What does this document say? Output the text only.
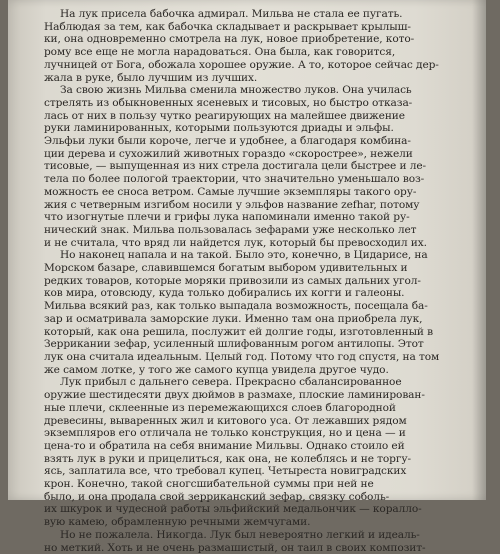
На лук присела бабочка адмирал. Мильва не стала ее пугать.
Наблюдая за тем, как бабочка складывает и раскрывает крылыш-
ки, она одновременно смотрела на лук, новое приобретение, кото-
рому все еще не могла нарадоваться. Она была, как говорится,
лучницей от Бога, обожала хорошее оружие. А то, которое сейчас дер-
жала в руке, было лучшим из лучших.
За свою жизнь Мильва сменила множество луков. Она училась
стрелять из обыкновенных ясеневых и тисовых, но быстро отказа-
лась от них в пользу чутко реагирующих на малейшее движение
руки ламинированных, которыми пользуются дриады и эльфы.
Эльфьи луки были короче, легче и удобнее, а благодаря комбина-
ции дерева и сухожилий животных гораздо «скорострее», нежели
тисовые, — выпущенная из них стрела достигала цели быстрее и ле-
тела по более пологой траектории, что значительно уменьшало воз-
можность ее сноса ветром. Самые лучшие экземпляры такого ору-
жия с четверным изгибом носили у эльфов название zefhar, потому
что изогнутые плечи и грифы лука напоминали именно такой ру-
нический знак. Мильва пользовалась зефарами уже несколько лет
и не считала, что вряд ли найдется лук, который бы превосходил их.
Но наконец напала и на такой. Было это, конечно, в Цидарисе, на
Морском базаре, славившемся богатым выбором удивительных и
редких товаров, которые моряки привозили из самых дальних угол-
ков мира, отовсюду, куда только добирались их когги и галеоны.
Мильва всякий раз, как только выпадала возможность, посещала ба-
зар и осматривала заморские луки. Именно там она приобрела лук,
который, как она решила, послужит ей долгие годы, изготовленный в
Зеррикании зефар, усиленный шлифованным рогом антилопы. Этот
лук она считала идеальным. Целый год. Потому что год спустя, на том
же самом лотке, у того же самого купца увидела другое чудо.
Лук прибыл с дальнего севера. Прекрасно сбалансированное
оружие шестидесяти двух дюймов в размахе, плоские ламинирован-
ные плечи, склеенные из перемежающихся слоев благородной
древесины, вываренных жил и китового уса. От лежавших рядом
экземпляров его отличала не только конструкция, но и цена — и
цена-то и обратила на себя внимание Мильвы. Однако стоило ей
взять лук в руки и прицелиться, как она, не колеблясь и не торгу-
ясь, заплатила все, что требовал купец. Четыреста новиградских
крон. Конечно, такой сногсшибательной суммы при ней не
было, и она продала свой зерриканский зефар, связку соболь-
их шкурок и чудесной работы эльфийский медальончик — коралло-
вую камею, обрамленную речными жемчугами.
Но не пожалела. Никогда. Лук был невероятно легкий и идеаль-
но меткий. Хоть и не очень размашистый, он таил в своих композит-
